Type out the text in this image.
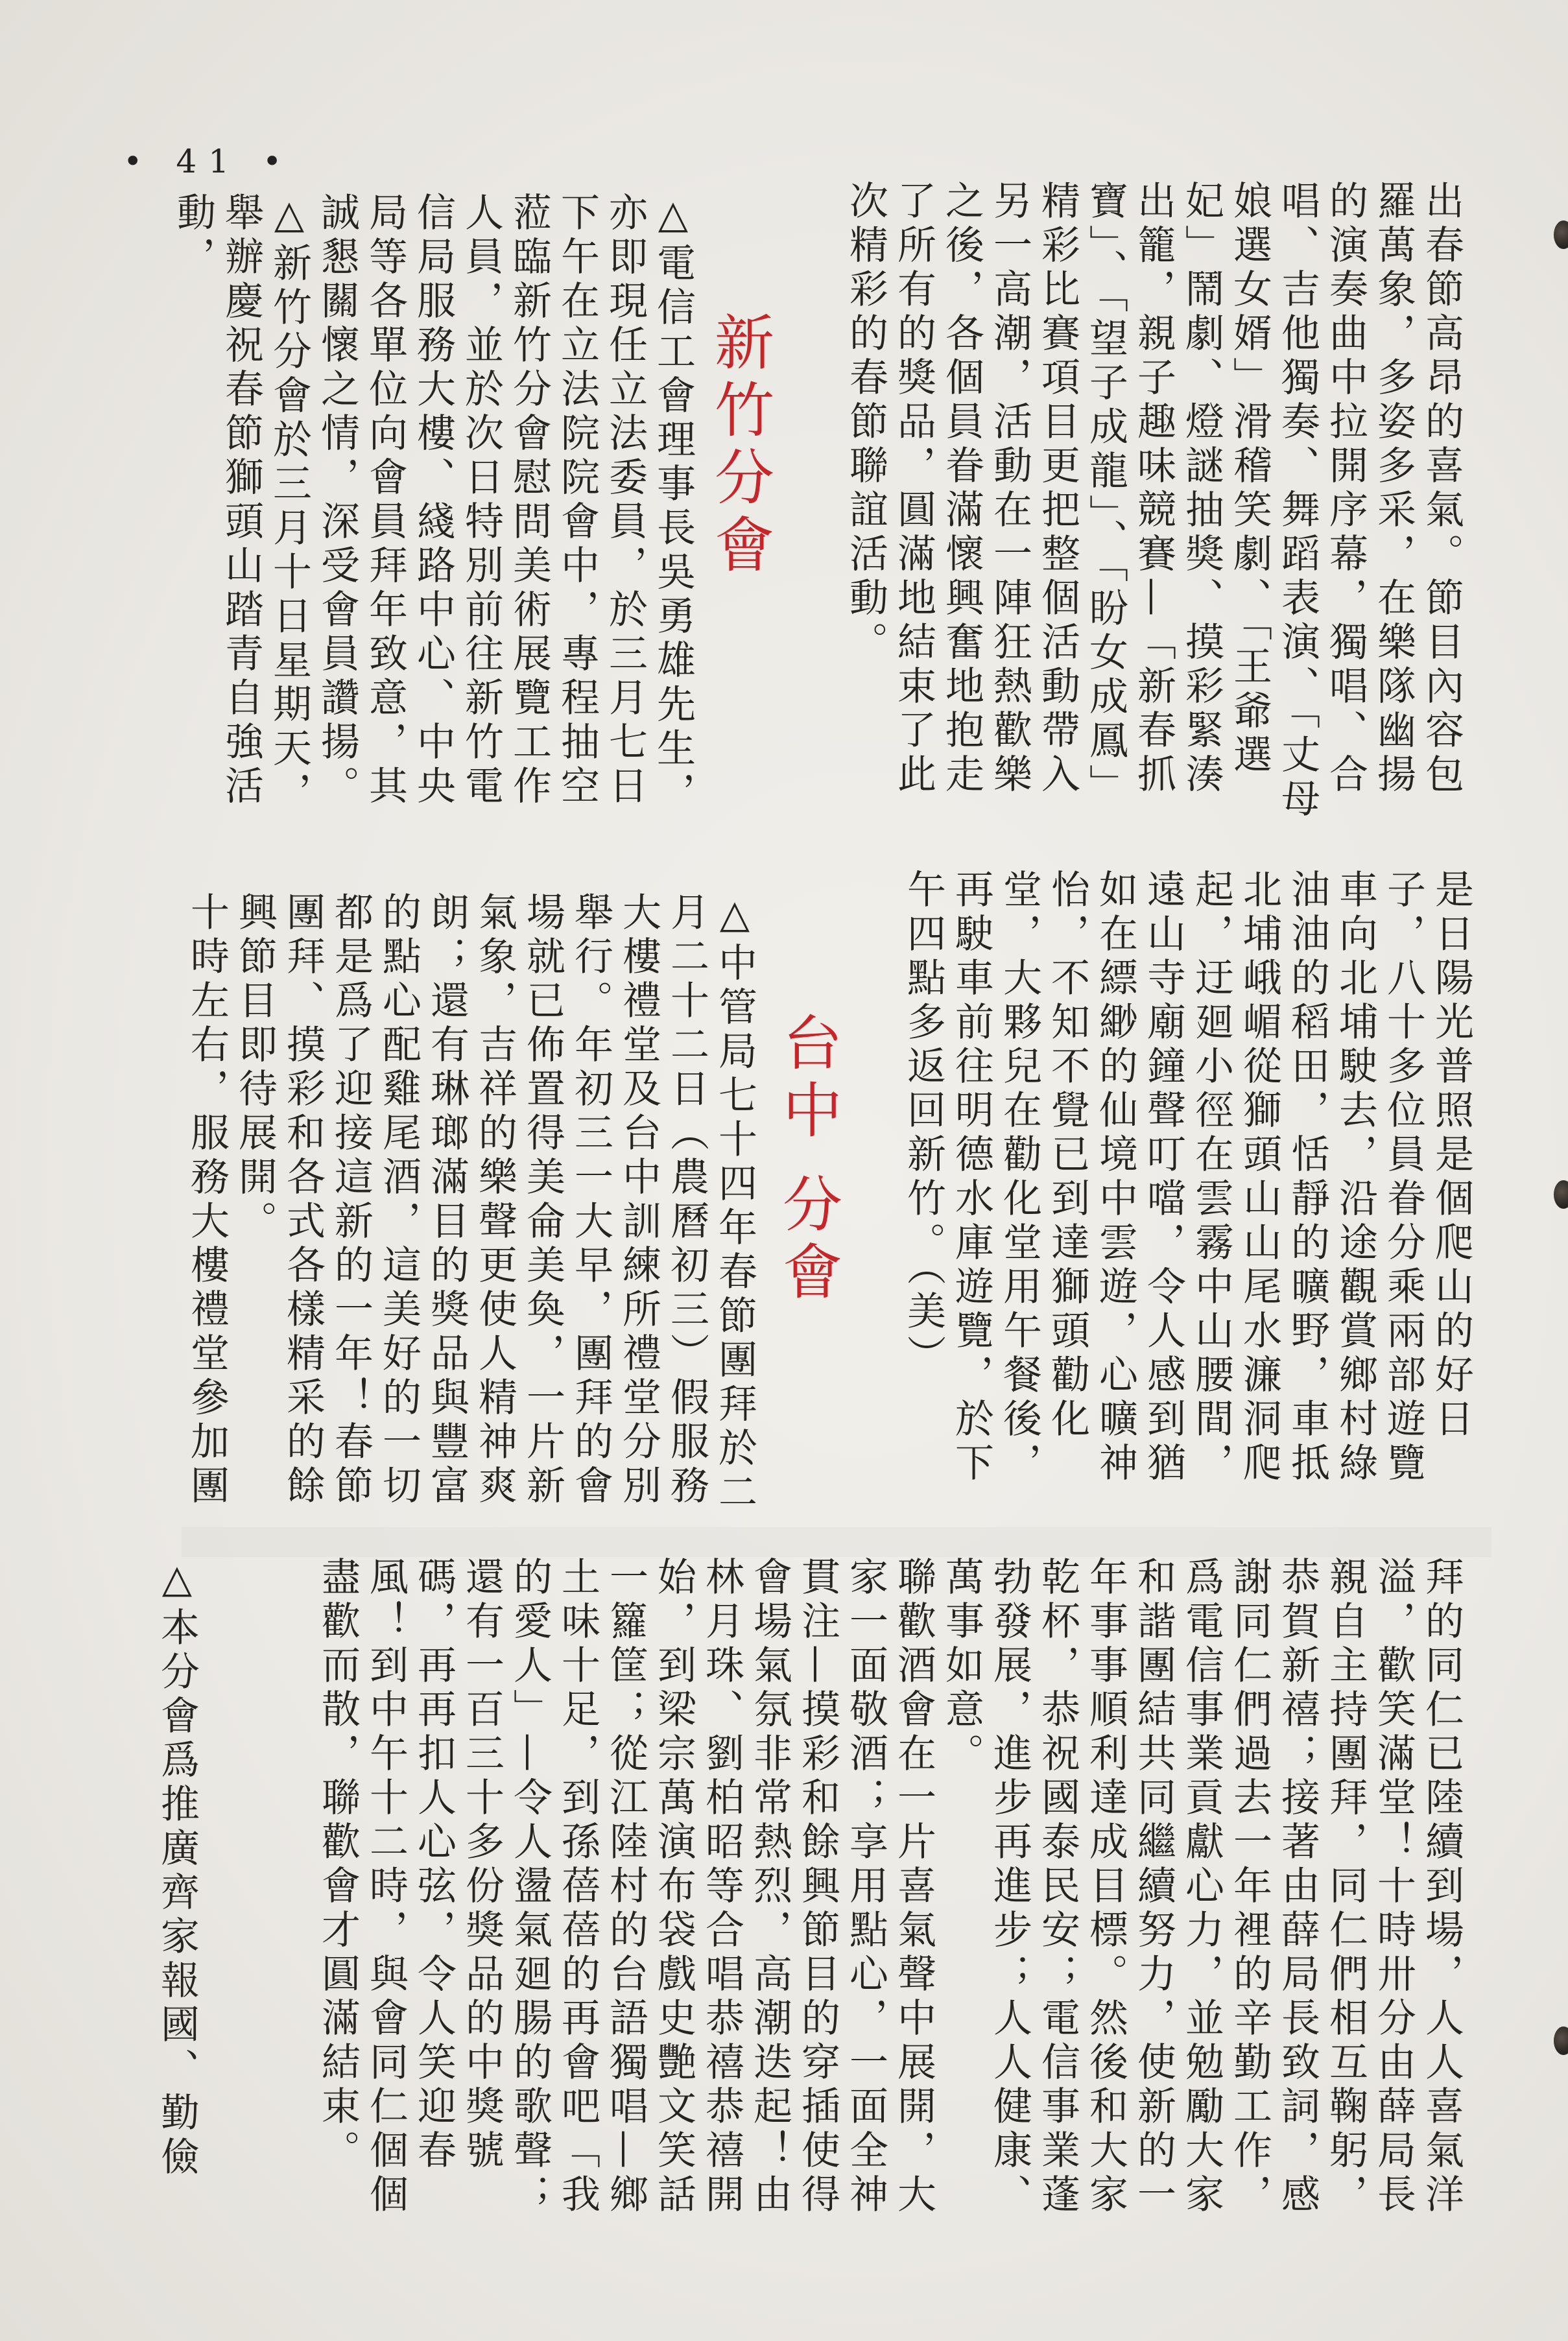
• 41 •
出春節高昂的喜氣。節目內容包羅萬象，多姿多采，在樂隊幽揚的演奏曲中拉開序幕，獨唱、合唱、吉他獨奏、舞蹈表演、「丈母娘選女婿」滑稽笑劇、「王爺選妃」鬧劇、燈謎抽獎、摸彩緊湊出籠，親子趣味競賽—「新春抓寶」、「望子成龍」、「盼女成鳳」精彩比賽項目更把整個活動帶入另一高潮，活動在一陣狂熱歡樂之後，各個員眷滿懷興奮地抱走了所有的獎品，圓滿地結束了此次精彩的春節聯誼活動。
新竹分會
△電信工會理事長吳勇雄先生，亦即現任立法委員，於三月七日下午在立法院院會中，專程抽空蒞臨新竹分會慰問美術展覽工作人員，並於次日特別前往新竹電信局服務大樓、綫路中心、中央局等各單位向會員拜年致意，其誠懇關懷之情，深受會員讚揚。
△新竹分會於三月十日星期天，舉辦慶祝春節獅頭山踏青自強活動，
是日陽光普照是個爬山的好日子，八十多位員眷分乘兩部遊覽車向北埔駛去，沿途觀賞鄉村綠油油的稻田，恬靜的曠野，車抵北埔峨嵋從獅頭山山尾水濂洞爬起，迂廻小徑在雲霧中山腰間，遠山寺廟鐘聲叮噹，令人感到猶如在縹緲的仙境中雲遊，心曠神怡，不知不覺已到達獅頭勸化堂，大夥兒在勸化堂用午餐後，再駛車前往明德水庫遊覽，於下午四點多返回新竹。（美）
台中 分會
△中管局七十四年春節團拜於二月二十二日（農曆初三）假服務大樓禮堂及台中訓練所禮堂分別舉行。年初三一大早，團拜的會場就已佈置得美侖美奐，一片新氣象，吉祥的樂聲更使人精神爽朗；還有琳瑯滿目的獎品與豐富的點心配雞尾酒，這美好的一切都是爲了迎接這新的一年！春節團拜、摸彩和各式各樣精采的餘興節目即待展開。
十時左右，服務大樓禮堂參加團
拜的同仁已陸續到場，人人喜氣洋溢，歡笑滿堂！十時卅分由薛局長親自主持團拜，同仁們相互鞠躬，恭賀新禧；接著由薛局長致詞，感謝同仁們過去一年裡的辛勤工作，爲電信事業貢獻心力，並勉勵大家和諧團結共同繼續努力，使新的一年事事順利達成目標。然後和大家乾杯，恭祝國泰民安；電信事業蓬勃發展，進步再進步；人人健康、萬事如意。
聯歡酒會在一片喜氣聲中展開，大家一面敬酒；享用點心，一面全神貫注—摸彩和餘興節目的穿插使得會場氣氛非常熱烈，高潮迭起！由林月珠、劉柏昭等合唱恭禧恭禧開始，到梁宗萬演布袋戲史艷文笑話一籮筐；從江陸村的台語獨唱—鄉土味十足，到孫蓓蓓的再會吧「我的愛人」—令人盪氣廻腸的歌聲；還有一百三十多份獎品的中獎號碼，再再扣人心弦，令人笑迎春風！到中午十二時，與會同仁個個盡歡而散，聯歡會才圓滿結束。
△本分會爲推廣齊家報國、勤儉
